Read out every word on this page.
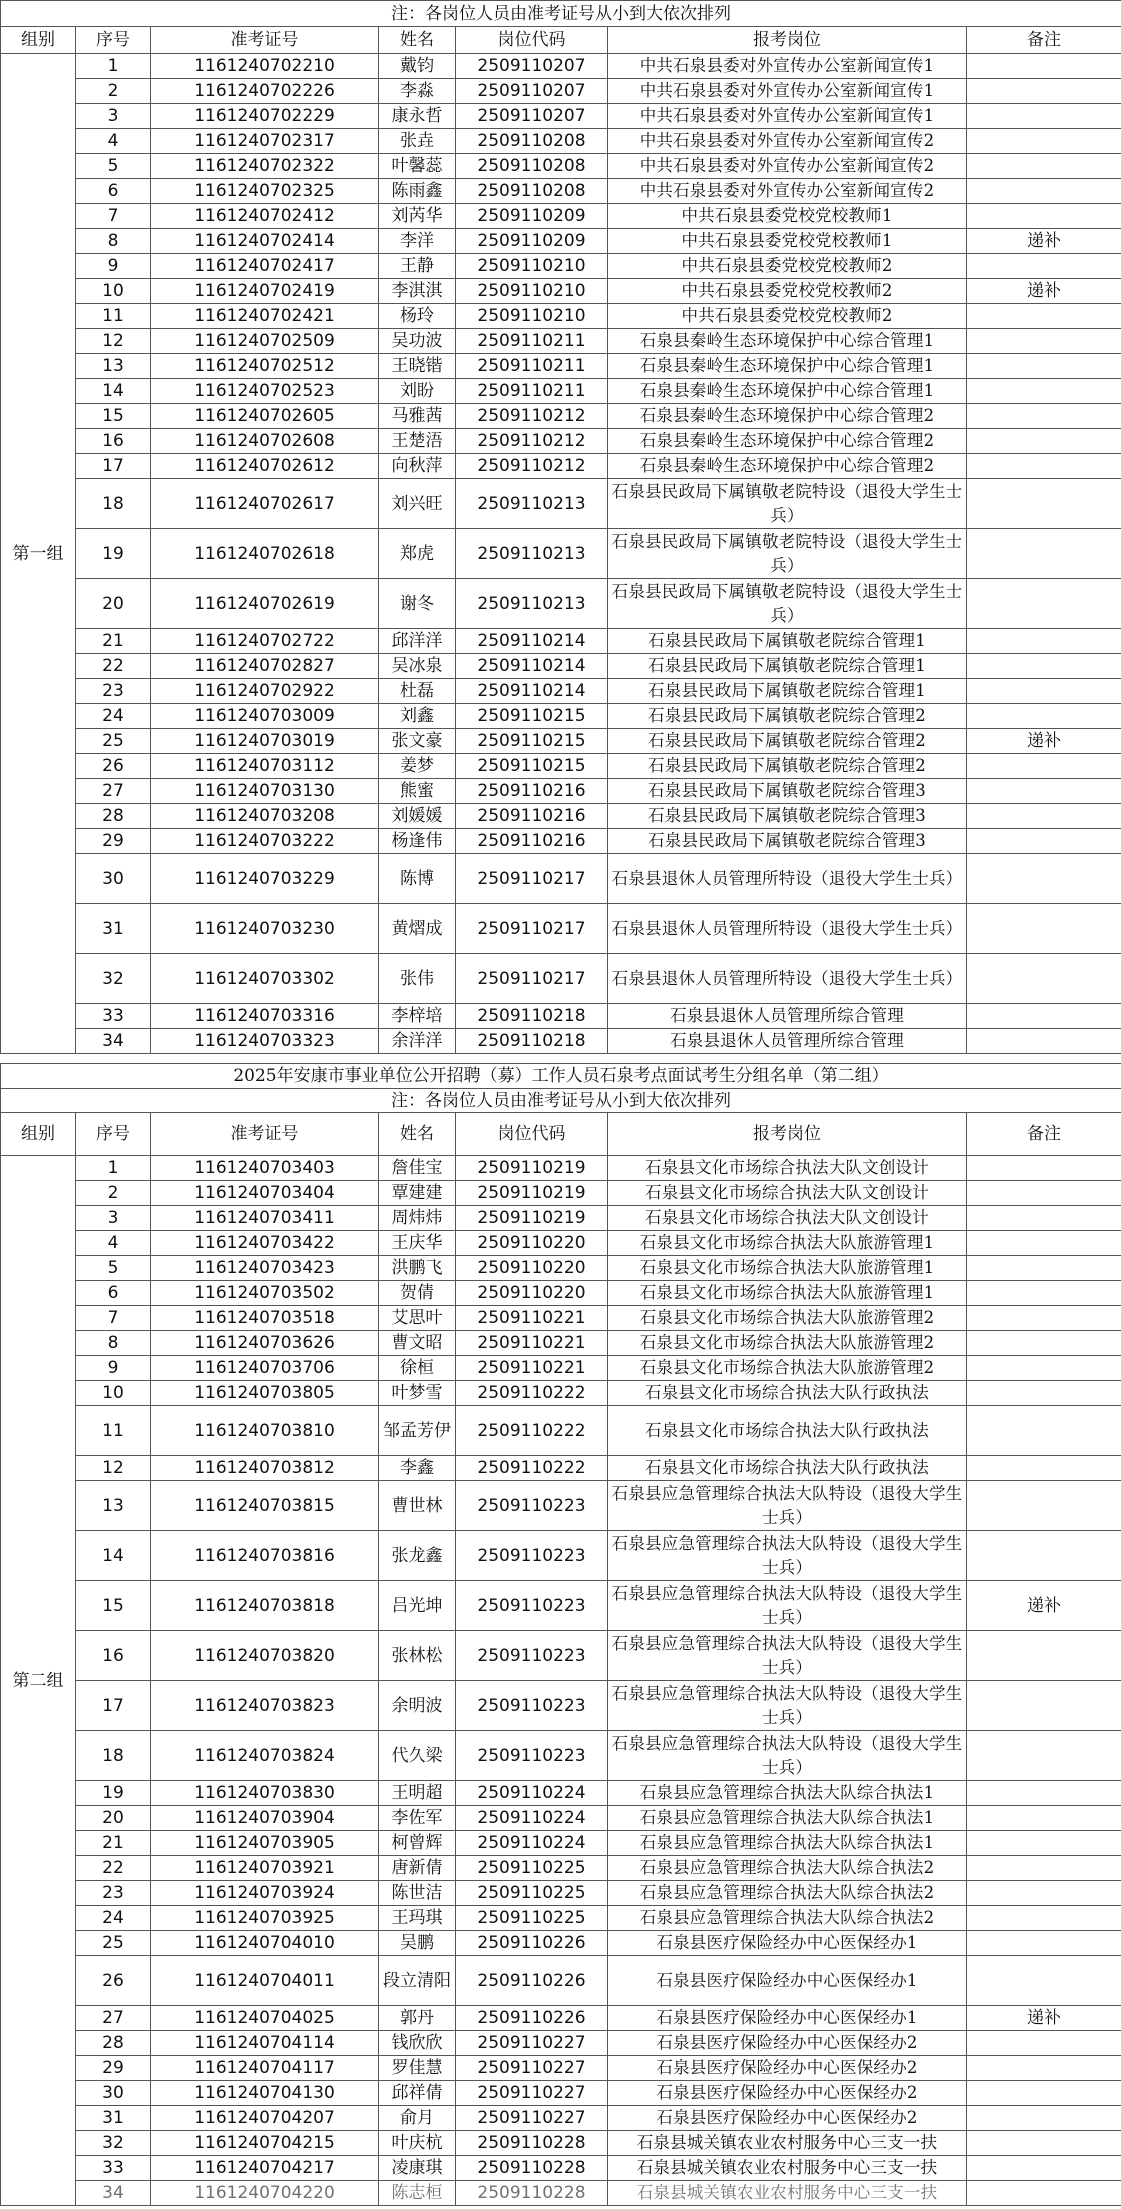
注：各岗位人员由准考证号从小到大依次排列						
组别	序号	准考证号	姓名	岗位代码	报考岗位	备注
第一组	1	1161240702210	戴钧	2509110207	中共石泉县委对外宣传办公室新闻宣传1	
	2	1161240702226	李淼	2509110207	中共石泉县委对外宣传办公室新闻宣传1	
	3	1161240702229	康永哲	2509110207	中共石泉县委对外宣传办公室新闻宣传1	
	4	1161240702317	张垚	2509110208	中共石泉县委对外宣传办公室新闻宣传2	
	5	1161240702322	叶馨蕊	2509110208	中共石泉县委对外宣传办公室新闻宣传2	
	6	1161240702325	陈雨鑫	2509110208	中共石泉县委对外宣传办公室新闻宣传2	
	7	1161240702412	刘芮华	2509110209	中共石泉县委党校党校教师1	
	8	1161240702414	李洋	2509110209	中共石泉县委党校党校教师1	递补
	9	1161240702417	王静	2509110210	中共石泉县委党校党校教师2	
	10	1161240702419	李淇淇	2509110210	中共石泉县委党校党校教师2	递补
	11	1161240702421	杨玲	2509110210	中共石泉县委党校党校教师2	
	12	1161240702509	吴功波	2509110211	石泉县秦岭生态环境保护中心综合管理1	
	13	1161240702512	王晓锴	2509110211	石泉县秦岭生态环境保护中心综合管理1	
	14	1161240702523	刘盼	2509110211	石泉县秦岭生态环境保护中心综合管理1	
	15	1161240702605	马雅茜	2509110212	石泉县秦岭生态环境保护中心综合管理2	
	16	1161240702608	王楚浯	2509110212	石泉县秦岭生态环境保护中心综合管理2	
	17	1161240702612	向秋萍	2509110212	石泉县秦岭生态环境保护中心综合管理2	
	18	1161240702617	刘兴旺	2509110213	石泉县民政局下属镇敬老院特设（退役大学生士兵）	
	19	1161240702618	郑虎	2509110213	石泉县民政局下属镇敬老院特设（退役大学生士兵）	
	20	1161240702619	谢冬	2509110213	石泉县民政局下属镇敬老院特设（退役大学生士兵）	
	21	1161240702722	邱洋洋	2509110214	石泉县民政局下属镇敬老院综合管理1	
	22	1161240702827	吴冰泉	2509110214	石泉县民政局下属镇敬老院综合管理1	
	23	1161240702922	杜磊	2509110214	石泉县民政局下属镇敬老院综合管理1	
	24	1161240703009	刘鑫	2509110215	石泉县民政局下属镇敬老院综合管理2	
	25	1161240703019	张文豪	2509110215	石泉县民政局下属镇敬老院综合管理2	递补
	26	1161240703112	姜梦	2509110215	石泉县民政局下属镇敬老院综合管理2	
	27	1161240703130	熊蜜	2509110216	石泉县民政局下属镇敬老院综合管理3	
	28	1161240703208	刘媛媛	2509110216	石泉县民政局下属镇敬老院综合管理3	
	29	1161240703222	杨逢伟	2509110216	石泉县民政局下属镇敬老院综合管理3	
	30	1161240703229	陈博	2509110217	石泉县退休人员管理所特设（退役大学生士兵）	
	31	1161240703230	黄熠成	2509110217	石泉县退休人员管理所特设（退役大学生士兵）	
	32	1161240703302	张伟	2509110217	石泉县退休人员管理所特设（退役大学生士兵）	
	33	1161240703316	李梓培	2509110218	石泉县退休人员管理所综合管理	
	34	1161240703323	余洋洋	2509110218	石泉县退休人员管理所综合管理	
2025年安康市事业单位公开招聘（募）工作人员石泉考点面试考生分组名单（第二组）						
注：各岗位人员由准考证号从小到大依次排列						
组别	序号	准考证号	姓名	岗位代码	报考岗位	备注
第二组	1	1161240703403	詹佳宝	2509110219	石泉县文化市场综合执法大队文创设计	
	2	1161240703404	覃建建	2509110219	石泉县文化市场综合执法大队文创设计	
	3	1161240703411	周炜炜	2509110219	石泉县文化市场综合执法大队文创设计	
	4	1161240703422	王庆华	2509110220	石泉县文化市场综合执法大队旅游管理1	
	5	1161240703423	洪鹏飞	2509110220	石泉县文化市场综合执法大队旅游管理1	
	6	1161240703502	贺倩	2509110220	石泉县文化市场综合执法大队旅游管理1	
	7	1161240703518	艾思叶	2509110221	石泉县文化市场综合执法大队旅游管理2	
	8	1161240703626	曹文昭	2509110221	石泉县文化市场综合执法大队旅游管理2	
	9	1161240703706	徐桓	2509110221	石泉县文化市场综合执法大队旅游管理2	
	10	1161240703805	叶梦雪	2509110222	石泉县文化市场综合执法大队行政执法	
	11	1161240703810	邹孟芳伊	2509110222	石泉县文化市场综合执法大队行政执法	
	12	1161240703812	李鑫	2509110222	石泉县文化市场综合执法大队行政执法	
	13	1161240703815	曹世林	2509110223	石泉县应急管理综合执法大队特设（退役大学生士兵）	
	14	1161240703816	张龙鑫	2509110223	石泉县应急管理综合执法大队特设（退役大学生士兵）	
	15	1161240703818	吕光坤	2509110223	石泉县应急管理综合执法大队特设（退役大学生士兵）	递补
	16	1161240703820	张林松	2509110223	石泉县应急管理综合执法大队特设（退役大学生士兵）	
	17	1161240703823	余明波	2509110223	石泉县应急管理综合执法大队特设（退役大学生士兵）	
	18	1161240703824	代久梁	2509110223	石泉县应急管理综合执法大队特设（退役大学生士兵）	
	19	1161240703830	王明超	2509110224	石泉县应急管理综合执法大队综合执法1	
	20	1161240703904	李佐军	2509110224	石泉县应急管理综合执法大队综合执法1	
	21	1161240703905	柯曾辉	2509110224	石泉县应急管理综合执法大队综合执法1	
	22	1161240703921	唐新倩	2509110225	石泉县应急管理综合执法大队综合执法2	
	23	1161240703924	陈世洁	2509110225	石泉县应急管理综合执法大队综合执法2	
	24	1161240703925	王玛琪	2509110225	石泉县应急管理综合执法大队综合执法2	
	25	1161240704010	吴鹏	2509110226	石泉县医疗保险经办中心医保经办1	
	26	1161240704011	段立清阳	2509110226	石泉县医疗保险经办中心医保经办1	
	27	1161240704025	郭丹	2509110226	石泉县医疗保险经办中心医保经办1	递补
	28	1161240704114	钱欣欣	2509110227	石泉县医疗保险经办中心医保经办2	
	29	1161240704117	罗佳慧	2509110227	石泉县医疗保险经办中心医保经办2	
	30	1161240704130	邱祥倩	2509110227	石泉县医疗保险经办中心医保经办2	
	31	1161240704207	俞月	2509110227	石泉县医疗保险经办中心医保经办2	
	32	1161240704215	叶庆杭	2509110228	石泉县城关镇农业农村服务中心三支一扶	
	33	1161240704217	凌康琪	2509110228	石泉县城关镇农业农村服务中心三支一扶	
	34	1161240704220	陈志桓	2509110228	石泉县城关镇农业农村服务中心三支一扶	
